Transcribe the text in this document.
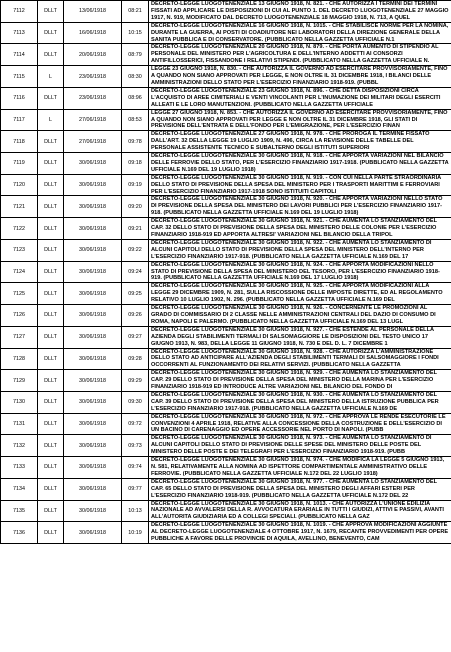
7112	DLLT	13/06/1918	08:21	DECRETO-LEGGE LUOGOTENENZIALE 13 GIUGNO 1918, N. 821. - CHE AUTORIZZA I TERMINI DEI TERMINI FISSATI AD APPLICARE LE DISPOSIZIONI DI CUI AL PUNTO 1. DEL DECRETO LUOGOTENENZIALE 27 MAGGIO 1917, N. 919, MODIFICATO DAL DECRETO LUOGOTENENZIALE 18 MAGGIO 1918, N. 713, A QUEL
7113	DLLT	16/06/1918	10:15	DECRETO-LEGGE LUOGOTENENZIALE 16 GIUGNO 1918, N. 1015. - CHE STABILISCE NORME PER LA NOMINA, DURANTE LA GUERRA, AI POSTI DI COADIUTORE NEI LABORATORI DELLA DIREZIONE GENERALE DELLA SANITA PUBBLICA E DI CONSERVATORE. (PUBBLICATO NELLA GAZZETTA UFFICIALE N.1
7114	DLLT	20/06/1918	08:79	DECRETO-LEGGE LUOGOTENENZIALE 20 GIUGNO 1918, N. 879. - CHE PORTA AUMENTO DI STIPENDIO AL PERSONALE DEL MINISTERO PER L'AGRICOLTURA E DELL'INTERNO ADDETTI AI CONSORZI ANTIFILLOSSERICI, FISSANDONE I RELATIVI STIPENDI. (PUBBLICATO NELLA GAZZETTA UFFICIALE N.
7115	L	23/06/1918	08:30	LEGGE 23 GIUGNO 1918, N. 830. - CHE AUTORIZZA IL GOVERNO AD ESERCITARE PROVVISORIAMENTE, FINO A QUANDO NON SIANO APPROVATI PER LEGGE, E NON OLTRE IL 31 DICEMBRE 1918, I BILANCI DELLE AMMINISTRAZIONI DELLO STATO PER L'ESERCIZIO FINANZIARIO 1918-919. (PUBBL
7116	DLLT	23/06/1918	08:96	DECRETO-LEGGE LUOGOTENENZIALE 23 GIUGNO 1918, N. 896. - CHE DETTA DISPOSIZIONI CIRCA L'ACQUISTO DI AREE CIMITERIALI E VENTI VINCOLANTI PER L'INUMAZIONE DEI MILITARI DEGLI ESERCITI ALLEATI E LE LORO MANUTENZIONI. (PUBBLICATO NELLA GAZZETTA UFFICIALE
7117	L	27/06/1918	08:53	LEGGE 27 GIUGNO 1918, N. 853. - CHE AUTORIZZA IL GOVERNO AD ESERCITARE PROVVISORIAMENTE, FINO A QUANDO NON SIANO APPROVATI PER LEGGE E NON OLTRE IL 31 DICEMBRE 1918, GLI STATI DI PREVISIONE DELL'ENTRATA E DELL'FONDO PER L'EMIGRAZIONE, PER L'ESERCIZIO FINAN
7118	DLLT	27/06/1918	09:78	DECRETO-LEGGE LUOGOTENENZIALE 27 GIUGNO 1918, N. 978. - CHE PROROGA IL TERMINE FISSATO DALL'ART. 32 DELLA LEGGE 19 LUGLIO 1909, N. 496, CIRCA LA REVISIONE DELLE TABELLE DEL PERSONALE ASSISTENTE TECNICO E SUBALTERNO DEGLI ISTITUTI SUPERIORI
7119	DLLT	30/06/1918	09:18	DECRETO-LEGGE LUOGOTENENZIALE 30 GIUGNO 1918, N. 918. - CHE APPORTA VARIAZIONI NEL BILANCIO DELLE FERROVIE DELLO STATO, PER L'ESERCIZIO FINANZIARIO 1917-1918. (PUBBLICATO NELLA GAZZETTA UFFICIALE N.169 DEL 19 LUGLIO 1918)
7120	DLLT	30/06/1918	09:19	DECRETO-LEGGE LUOGOTENENZIALE 30 GIUGNO 1918, N. 919. - CON CUI NELLA PARTE STRAORDINARIA DELLO STATO DI PREVISIONE DELLA SPESA DEL MINISTERO PER I TRASPORTI MARITTIMI E FERROVIARI PER L'ESERCIZIO FINANZIARIO 1917-1918 SONO ISTITUITI CAPITOLI
7121	DLLT	30/06/1918	09:20	DECRETO-LEGGE LUOGOTENENZIALE 30 GIUGNO 1918, N. 920. - CHE APPORTA VARIAZIONI NELLO STATO DI PREVISIONE DELLA SPESA DEL MINISTERO DEI LAVORI PUBBLICI PER L'ESERCIZIO FINANZIARIO 1917-918. (PUBBLICATO NELLA GAZZETTA UFFICIALE N.169 DEL 19 LUGLIO 1918)
7122	DLLT	30/06/1918	09:21	DECRETO-LEGGE LUOGOTENENZIALE 30 GIUGNO 1918, N. 921. - CHE AUMENTA LO STANZIAMENTO DEL CAP. 32 DELLO STATO DI PREVISIONE DELLA SPESA DEL MINISTERO DELLE COLONIE PER L'ESERCIZIO FINANZIARIO 1918-919 ED APPORTA ALTRESI' VARIAZIONI NEL BILANCIO DELLA TRIPOL
7123	DLLT	30/06/1918	09:22	DECRETO-LEGGE LUOGOTENENZIALE 30 GIUGNO 1918, N. 922. - CHE AUMENTA LO STANZIAMENTO DI ALCUNI CAPITOLI DELLO STATO DI PREVISIONE DELLA SPESA DEL MINISTERO DELL'INTERNO PER L'ESERCIZIO FINANZIARIO 1917-918. (PUBBLICATO NELLA GAZZETTA UFFICIALE N.169 DEL 17
7124	DLLT	30/06/1918	09:24	DECRETO-LEGGE LUOGOTENENZIALE 30 GIUGNO 1918, N. 924. - CHE APPORTA MODIFICAZIONI NELLO STATO DI PREVISIONE DELLA SPESA DEL MINISTERO DEL TESORO, PER L'ESERCIZIO FINANZIARIO 1918-919. (PUBBLICATO NELLA GAZZETTA UFFICIALE N.169 DEL 17 LUGLIO 1918)
7125	DLLT	30/06/1918	09:25	DECRETO-LEGGE LUOGOTENENZIALE 30 GIUGNO 1918, N. 925. - CHE APPORTA MODIFICAZIONI ALLA LEGGE 29 DICEMBRE 1909, N. 281, SULLA RISCOSSIONE DELLE IMPOSTE DIRETTE, ED AL REGOLAMENTO RELATIVO 10 LUGLIO 1902, N. 296. (PUBBLICATO NELLA GAZZETTA UFFICIALE N.169 DEL
7126	DLLT	30/06/1918	09:26	DECRETO-LEGGE LUOGOTENENZIALE 30 GIUGNO 1918, N. 926. - CONCERNENTE LE PROMOZIONI AL GRADO DI COMMISSARIO DI 2 CLASSE NELLE AMMINISTRAZIONI CENTRALI DEL DAZIO DI CONSUMO DI ROMA, NAPOLI E PALERMO. (PUBBLICATO NELLA GAZZETTA UFFICIALE N.169 DEL 13 LUGL
7127	DLLT	30/06/1918	09:27	DECRETO-LEGGE LUOGOTENENZIALE 30 GIUGNO 1918, N. 927. - CHE ESTENDE AL PERSONALE DELLA AZIENDA DEGLI STABILIMENTI TERMALI DI SALSOMAGGIORE LE DISPOSIZIONI DEL TESTO UNICO 17 GIUGNO 1913, N. 983, DELLA LEGGE 11 GIUGNO 1918, N. 730 E DEL D. L. 7 DICEMBRE 1
7128	DLLT	30/06/1918	09:28	DECRETO-LEGGE LUOGOTENENZIALE 30 GIUGNO 1918, N. 928. - CHE AUTORIZZA L'AMMINISTRAZIONE DELLO STATO AD ANTICIPARE ALL'AZIENDA DEGLI STABILIMENTI TERMALI DI SALSOMAGGIORE I FONDI OCCORRENTI AL FUNZIONAMENTO DEI RELATIVI SERVIZI. (PUBBLICATO NELLA GAZZETTA
7129	DLLT	30/06/1918	09:29	DECRETO-LEGGE LUOGOTENENZIALE 30 GIUGNO 1918, N. 929. - CHE AUMENTA LO STANZIAMENTO DEL CAP. 29 DELLO STATO DI PREVISIONE DELLA SPESA DEL MINISTERO DELLA MARINA PER L'ESERCIZIO FINANZIARIO 1918-919 ED INTRODUCE ALTRE VARIAZIONI NEL BILANCIO DEL FONDO DI
7130	DLLT	30/06/1918	09:30	DECRETO-LEGGE LUOGOTENENZIALE 30 GIUGNO 1918, N. 930. - CHE AUMENTA LO STANZIAMENTO DEL CAP. 39 DELLO STATO DI PREVISIONE DELLA SPESA DEL MINISTERO DELLA ISTRUZIONE PUBBLICA PER L'ESERCIZIO FINANZIARIO 1917-918. (PUBBLICATO NELLA GAZZETTA UFFICIALE N.169 DE
7131	DLLT	30/06/1918	09:72	DECRETO-LEGGE LUOGOTENENZIALE 30 GIUGNO 1918, N. 972. - CHE APPROVA LE RENDE ESECUTORIE LE CONVENZIONI 4 APRILE 1918, RELATIVE ALLA CONCESSIONE DELLA COSTRUZIONE E DELL'ESERCIZIO DI UN BACINO DI CARENAGGIO ED OPERE ACCESSORIE NEL PORTO DI NAPOLI. (PUBB
7132	DLLT	30/06/1918	09:73	DECRETO-LEGGE LUOGOTENENZIALE 30 GIUGNO 1918, N. 973. - CHE AUMENTA LO STANZIAMENTO DI ALCUNI CAPITOLI DELLO STATO DI PREVISIONE DELLE SPESE DEL MINISTERO DELLE POSTE DEL MINISTERO DELLE POSTE E DEI TELEGRAFI PER L'ESERCIZIO FINANZIARIO 1918-919. (PUBB
7133	DLLT	30/06/1918	09:74	DECRETO-LEGGE LUOGOTENENZIALE 30 GIUGNO 1918, N. 974. - CHE MODIFICA LA LEGGE 5 GIUGNO 1913, N. 581, RELATIVAMENTE ALLA NOMINA AD ISPETTORE COMPARTIMENTALE AMMINISTRATIVO DELLE FERROVIE. (PUBBLICATO NELLA GAZZETTA UFFICIALE N.172 DEL 22 LUGLIO 1918)
7134	DLLT	30/06/1918	09:77	DECRETO-LEGGE LUOGOTENENZIALE 30 GIUGNO 1918, N. 977. - CHE AUMENTA LO STANZIAMENTO DEL CAP. 65 DELLO STATO DI PREVISIONE DELLA SPESA DEL MINISTERO DEGLI AFFARI ESTERI PER L'ESERCIZIO FINANZIARIO 1918-919. (PUBBLICATO NELLA GAZZETTA UFFICIALE N.172 DEL 22
7135	DLLT	30/06/1918	10:13	DECRETO-LEGGE LUOGOTENENZIALE 30 GIUGNO 1918, N. 1013. - CHE AUTORIZZA L'UNIONE EDILIZIA NAZIONALE AD AVVALERSI DELLA R. AVVOCATURA ERARIALE IN TUTTI I GIUDIZI, ATTIVI E PASSIVI, AVANTI ALL'AUTORITA GIUDIZIARIA ED A COLLEGI SPECIALI. (PUBBLICATO NELLA GAZ
7136	DLLT	30/06/1918	10:19	DECRETO-LEGGE LUOGOTENENZIALE 30 GIUGNO 1918, N. 1019. - CHE APPROVA MODIFICAZIONI AGGIUNTE AL DECRETO-LEGGE LUOGOTENENZIALE 4 OTTOBRE 1917, N. 1679, RECANTE PROVVEDIMENTI PER OPERE PUBBLICHE A FAVORE DELLE PROVINCIE DI AQUILA, AVELLINO, BENEVENTO, CAM
